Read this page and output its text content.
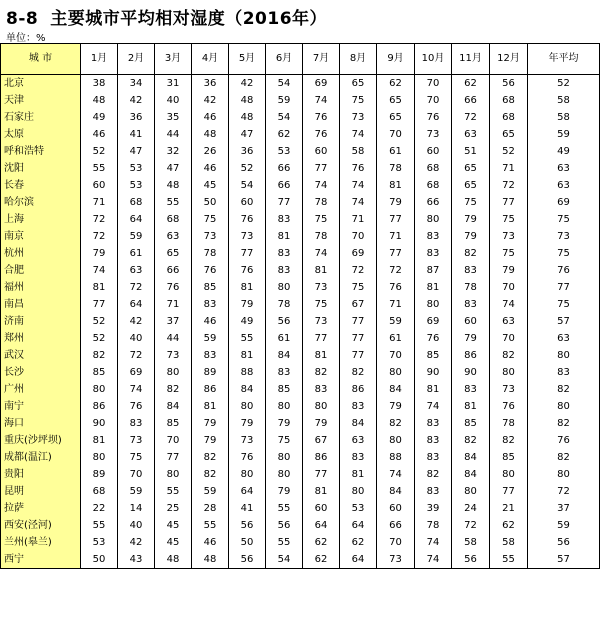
8-8 主要城市平均相对湿度（2016年）
单位：%
城 市	1月	2月	3月	4月	5月	6月	7月	8月	9月	10月	11月	12月	年平均
北京	38	34	31	36	42	54	69	65	62	70	62	56	52
天津	48	42	40	42	48	59	74	75	65	70	66	68	58
石家庄	49	36	35	46	48	54	76	73	65	76	72	68	58
太原	46	41	44	48	47	62	76	74	70	73	63	65	59
呼和浩特	52	47	32	26	36	53	60	58	61	60	51	52	49
沈阳	55	53	47	46	52	66	77	76	78	68	65	71	63
长春	60	53	48	45	54	66	74	74	81	68	65	72	63
哈尔滨	71	68	55	50	60	77	78	74	79	66	75	77	69
上海	72	64	68	75	76	83	75	71	77	80	79	75	75
南京	72	59	63	73	73	81	78	70	71	83	79	73	73
杭州	79	61	65	78	77	83	74	69	77	83	82	75	75
合肥	74	63	66	76	76	83	81	72	72	87	83	79	76
福州	81	72	76	85	81	80	73	75	76	81	78	70	77
南昌	77	64	71	83	79	78	75	67	71	80	83	74	75
济南	52	42	37	46	49	56	73	77	59	69	60	63	57
郑州	52	40	44	59	55	61	77	77	61	76	79	70	63
武汉	82	72	73	83	81	84	81	77	70	85	86	82	80
长沙	85	69	80	89	88	83	82	82	80	90	90	80	83
广州	80	74	82	86	84	85	83	86	84	81	83	73	82
南宁	86	76	84	81	80	80	80	83	79	74	81	76	80
海口	90	83	85	79	79	79	79	84	82	83	85	78	82
重庆(沙坪坝)	81	73	70	79	73	75	67	63	80	83	82	82	76
成都(温江)	80	75	77	82	76	80	86	83	88	83	84	85	82
贵阳	89	70	80	82	80	80	77	81	74	82	84	80	80
昆明	68	59	55	59	64	79	81	80	84	83	80	77	72
拉萨	22	14	25	28	41	55	60	53	60	39	24	21	37
西安(泾河)	55	40	45	55	56	56	64	64	66	78	72	62	59
兰州(皋兰)	53	42	45	46	50	55	62	62	70	74	58	58	56
西宁	50	43	48	48	56	54	62	64	73	74	56	55	57
